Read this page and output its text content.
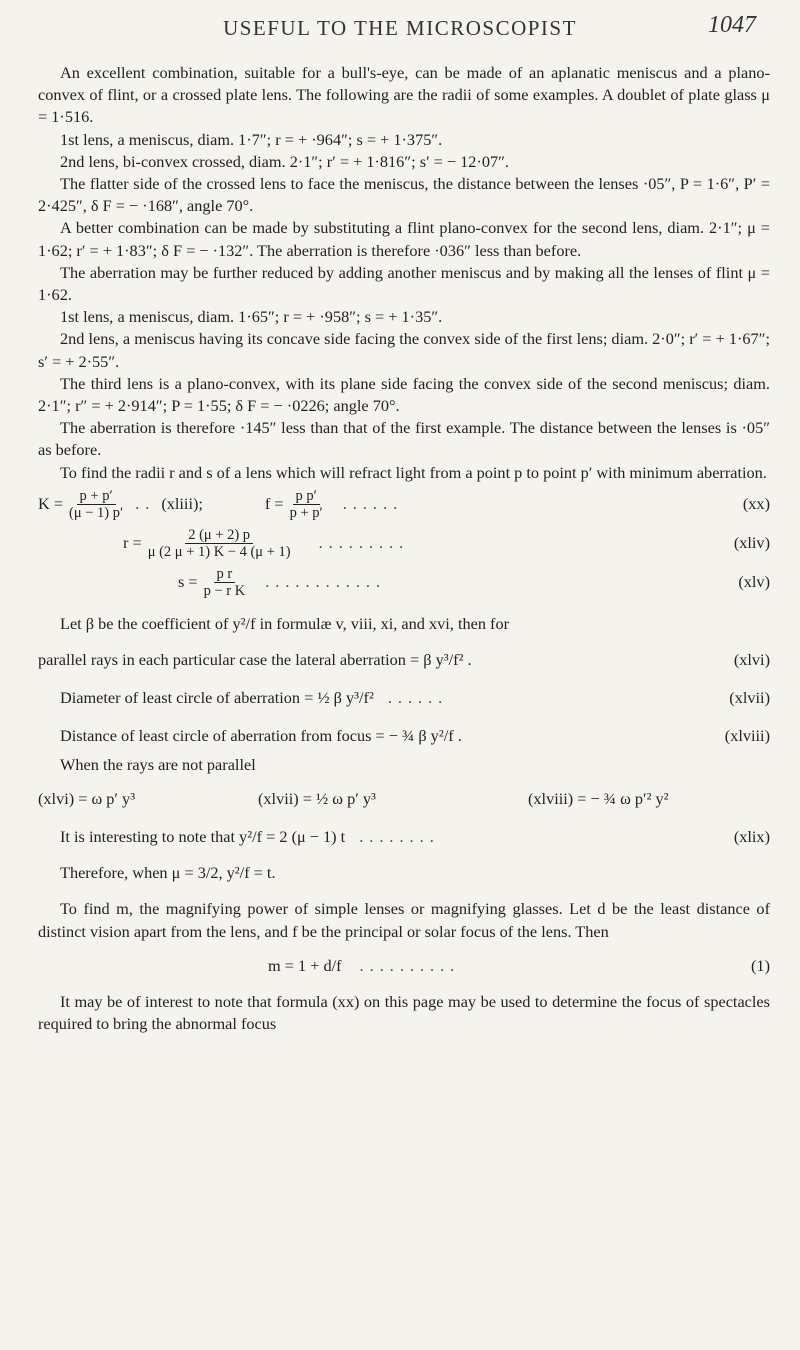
USEFUL TO THE MICROSCOPIST	1047

An excellent combination, suitable for a bull's-eye, can be made of an aplanatic meniscus and a plano-convex of flint, or a crossed plate lens. The following are the radii of some examples. A doublet of plate glass μ = 1·516.

1st lens, a meniscus, diam. 1·7″; r = + ·964″; s = + 1·375″.

2nd lens, bi-convex crossed, diam. 2·1″; r′ = + 1·816″; s′ = − 12·07″.

The flatter side of the crossed lens to face the meniscus, the distance between the lenses ·05″, P = 1·6″, P′ = 2·425″, δ F = − ·168″, angle 70°.

A better combination can be made by substituting a flint plano-convex for the second lens, diam. 2·1″; μ = 1·62; r′ = + 1·83″; δ F = − ·132″. The aberration is therefore ·036″ less than before.

The aberration may be further reduced by adding another meniscus and by making all the lenses of flint μ = 1·62.

1st lens, a meniscus, diam. 1·65″; r = + ·958″; s = + 1·35″.

2nd lens, a meniscus having its concave side facing the convex side of the first lens; diam. 2·0″; r′ = + 1·67″; s′ = + 2·55″.

The third lens is a plano-convex, with its plane side facing the convex side of the second meniscus; diam. 2·1″; r″ = + 2·914″; P = 1·55; δ F = − ·0226; angle 70°.

The aberration is therefore ·145″ less than that of the first example. The distance between the lenses is ·05″ as before.

To find the radii r and s of a lens which will refract light from a point p to point p′ with minimum aberration.

$K = \frac{p + p'}{(\mu - 1) p'}$ .. (xliii);	$f = \frac{\text{p p′}}{p + p'}$ ......	(xx)
$r = \frac{2 (\mu + 2) p}{\mu (2 \mu + 1) K - 4 (\mu + 1)}$ .........	(xliv)
$s = \frac{\text{p r}}{\text{p − r K}}$ ............	(xlv)

Let β be the coefficient of y²/f in formulæ v, viii, xi, and xvi, then for

parallel rays in each particular case the lateral aberration = β y³/f² .	(xlvi)
Diameter of least circle of aberration = ½ β y³/f² ......	(xlvii)
Distance of least circle of aberration from focus = − ¾ β y²/f .	(xlviii)

When the rays are not parallel

(xlvi) = ω p′ y³	(xlvii) = ½ ω p′ y³	(xlviii) = − ¾ ω p′² y²
It is interesting to note that y²/f = 2 (μ − 1) t ........	(xlix)

Therefore, when μ = 3/2, y²/f = t.

To find m, the magnifying power of simple lenses or magnifying glasses. Let d be the least distance of distinct vision apart from the lens, and f be the principal or solar focus of the lens. Then

m = 1 + d/f ..........	(1)

It may be of interest to note that formula (xx) on this page may be used to determine the focus of spectacles required to bring the abnormal focus
